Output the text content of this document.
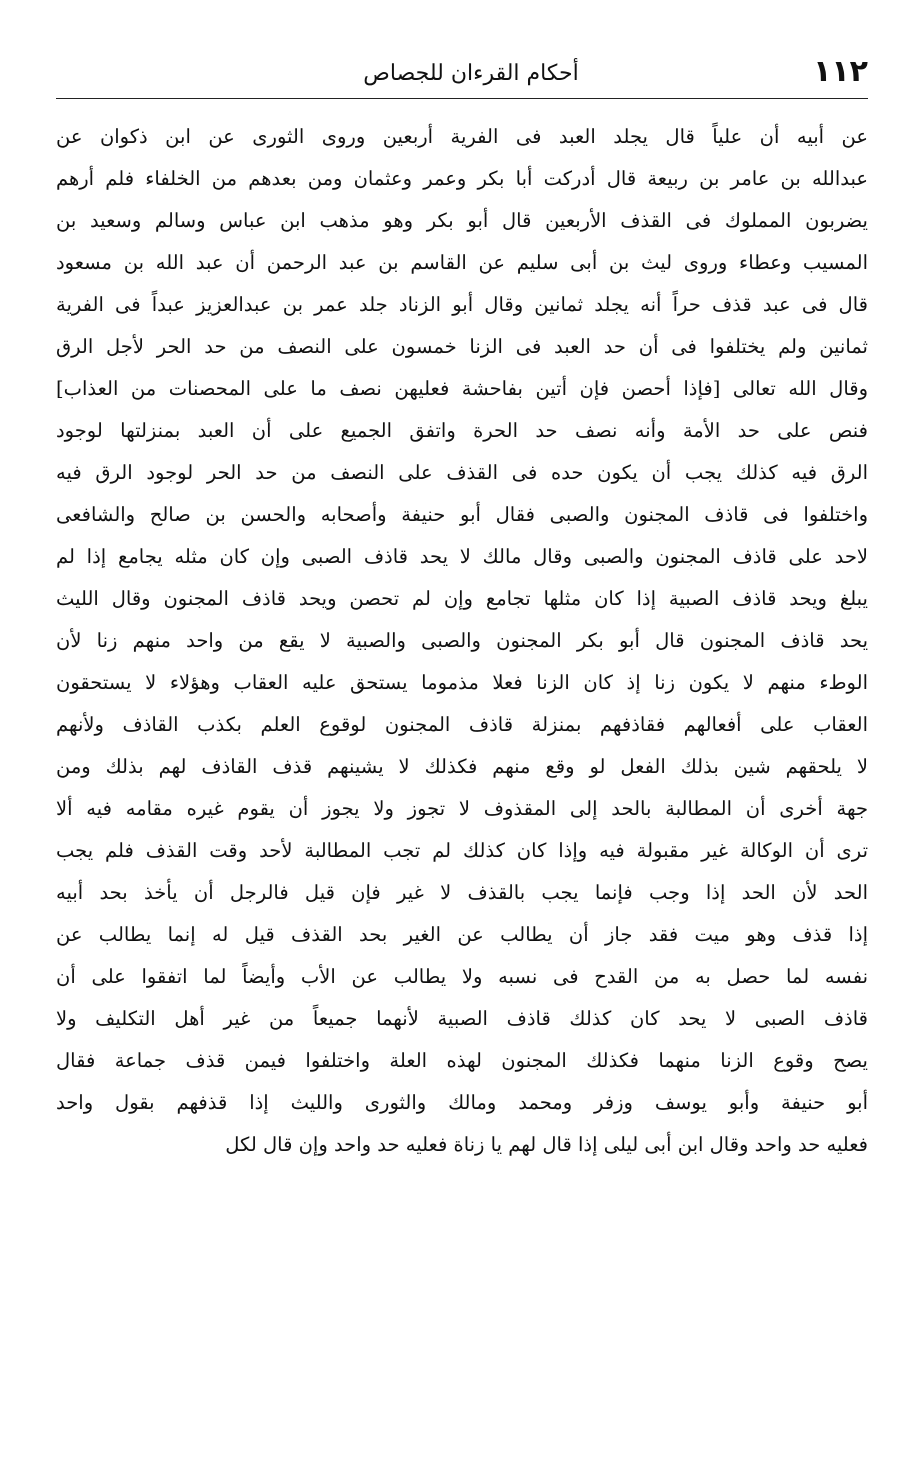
١١٢
أحكام القرءان للجصاص
عن أبيه أن علياً قال يجلد العبد فى الفرية أربعين وروى الثورى عن ابن ذكوان عن
عبدالله بن عامر بن ربيعة قال أدركت أبا بكر وعمر وعثمان ومن بعدهم من الخلفاء فلم أرهم
يضربون المملوك فى القذف الأربعين قال أبو بكر وهو مذهب ابن عباس وسالم وسعيد بن
المسيب وعطاء وروى ليث بن أبى سليم عن القاسم بن عبد الرحمن أن عبد الله بن مسعود
قال فى عبد قذف حراً أنه يجلد ثمانين وقال أبو الزناد جلد عمر بن عبدالعزيز عبداً فى الفرية
ثمانين ولم يختلفوا فى أن حد العبد فى الزنا خمسون على النصف من حد الحر لأجل الرق
وقال الله تعالى [فإذا أحصن فإن أتين بفاحشة فعليهن نصف ما على المحصنات من العذاب]
فنص على حد الأمة وأنه نصف حد الحرة واتفق الجميع على أن العبد بمنزلتها لوجود
الرق فيه كذلك يجب أن يكون حده فى القذف على النصف من حد الحر لوجود الرق فيه
واختلفوا فى قاذف المجنون والصبى فقال أبو حنيفة وأصحابه والحسن بن صالح والشافعى
لاحد على قاذف المجنون والصبى وقال مالك لا يحد قاذف الصبى وإن كان مثله يجامع إذا لم
يبلغ ويحد قاذف الصبية إذا كان مثلها تجامع وإن لم تحصن ويحد قاذف المجنون وقال الليث
يحد قاذف المجنون قال أبو بكر المجنون والصبى والصبية لا يقع من واحد منهم زنا لأن
الوطء منهم لا يكون زنا إذ كان الزنا فعلا مذموما يستحق عليه العقاب وهؤلاء لا يستحقون
العقاب على أفعالهم فقاذفهم بمنزلة قاذف المجنون لوقوع العلم بكذب القاذف ولأنهم
لا يلحقهم شين بذلك الفعل لو وقع منهم فكذلك لا يشينهم قذف القاذف لهم بذلك ومن
جهة أخرى أن المطالبة بالحد إلى المقذوف لا تجوز ولا يجوز أن يقوم غيره مقامه فيه ألا
ترى أن الوكالة غير مقبولة فيه وإذا كان كذلك لم تجب المطالبة لأحد وقت القذف فلم يجب
الحد لأن الحد إذا وجب فإنما يجب بالقذف لا غير فإن قيل فالرجل أن يأخذ بحد أبيه
إذا قذف وهو ميت فقد جاز أن يطالب عن الغير بحد القذف قيل له إنما يطالب عن
نفسه لما حصل به من القدح فى نسبه ولا يطالب عن الأب وأيضاً لما اتفقوا على أن
قاذف الصبى لا يحد كان كذلك قاذف الصبية لأنهما جميعاً من غير أهل التكليف ولا
يصح وقوع الزنا منهما فكذلك المجنون لهذه العلة واختلفوا فيمن قذف جماعة فقال
أبو حنيفة وأبو يوسف وزفر ومحمد ومالك والثورى والليث إذا قذفهم بقول واحد
فعليه حد واحد وقال ابن أبى ليلى إذا قال لهم يا زناة فعليه حد واحد وإن قال لكل
